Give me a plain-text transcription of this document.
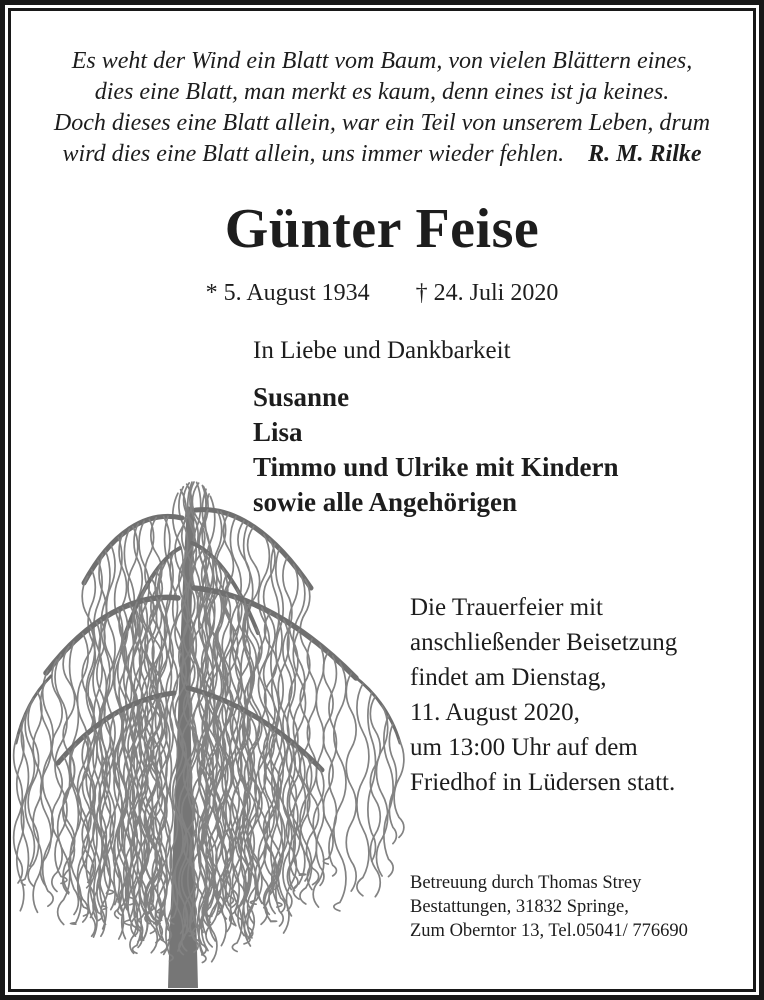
Es weht der Wind ein Blatt vom Baum, von vielen Blättern eines,
dies eine Blatt, man merkt es kaum, denn eines ist ja keines.
Doch dieses eine Blatt allein, war ein Teil von unserem Leben, drum
wird dies eine Blatt allein, uns immer wieder fehlen. R. M. Rilke
Günter Feise
* 5. August 1934 † 24. Juli 2020
In Liebe und Dankbarkeit
Susanne
Lisa
Timmo und Ulrike mit Kindern
sowie alle Angehörigen
Die Trauerfeier mit
anschließender Beisetzung
findet am Dienstag,
11. August 2020,
um 13:00 Uhr auf dem
Friedhof in Lüdersen statt.
Betreuung durch Thomas Strey
Bestattungen, 31832 Springe,
Zum Oberntor 13, Tel.05041/ 776690
